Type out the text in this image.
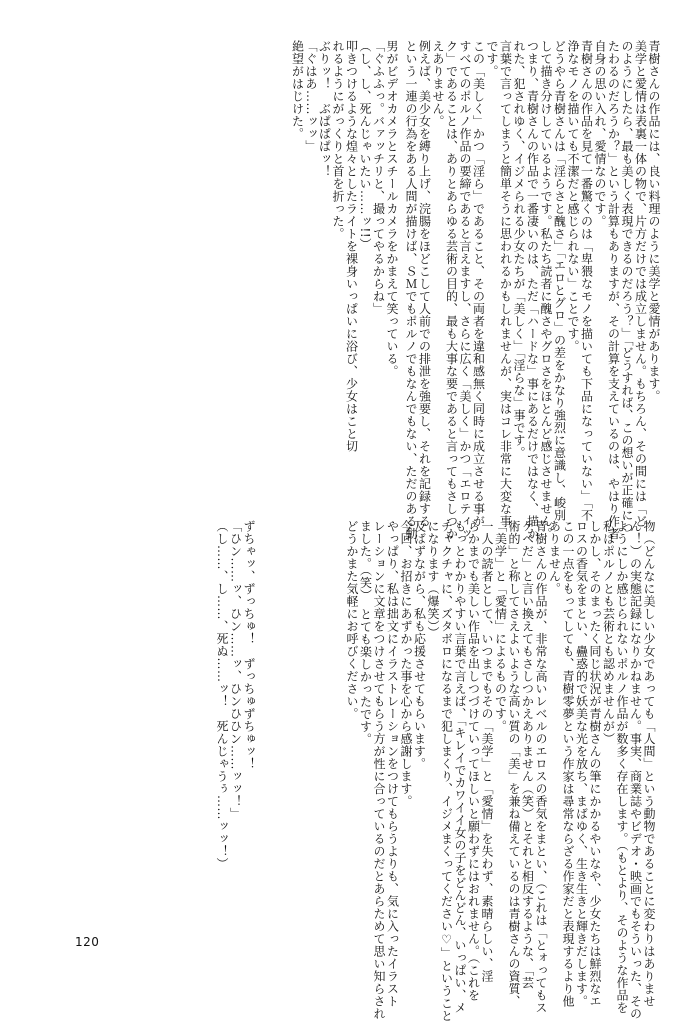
男がビデオカメラとスチールカメラをかまえて笑っている。
「ぐふふっ。バァッチリと、撮ってやるからね」
（し、し、死んじゃいたい……ッ!!）
叩きつけるような煌々としたライトを裸身いっぱいに浴び、少女はこと切
れるようにがっくりと首を折った。
ぶりッ！　ぶぱぱぱッ！
「ぐはあ……ッッ」
絶望がはじけた。	青樹さんの作品には、良い料理のように美学と愛情があります。
美学と愛情は表裏一体の物で、片方だけでは成立しません。もちろん、その間には「ど
のようにしたら、最も美しく表現できるのだろう？」「どうすれば、この想いが正確につ
たわるのだろうか？」という計算もありますが、その計算を支えているのは、やはり作者
自身の思い入れ、愛情なのです。
青樹さんの作品を見て一番驚くのは「卑猥なモノを描いても下品になっていない」「不
浄なモノを描いても不潔だと感じられない」ことです。
どうやら青樹さんは「淫らさと醜さ」「エロとグロ」の差をかなり強烈に意識し、峻別
して描き分けしているようです。私たち読者に醜さやグロさをほとんど感じさせません。
つまり、青樹さんの作品で一番凄いのは、ただ「ハードな」事にあるだけではなく、描か
れた、犯されゆく、イジメられる少女たちが「美しく」「淫らな」事です。
言葉で言ってしまうと簡単そうに思われるかもしれませんが、実はコレ非常に大変な事
です。
この「美しく」かつ「淫ら」であること、その両者を違和感無く同時に成立させる事が
すべてのポルノ作品の要締であると言えますし、さらに広く「美しく」かつ「エロティッ
ク」であることは、ありとあらゆる芸術の目的、最も大事な要であると言ってもさしつか
えありません。
例えば、美少女を縛り上げ、浣腸をほどこして人前での排泄を強要し、それを記録する
という一連の行為をある人間が描けば、ＳＭでもポルノでもなんでもない、ただのある動
物（どんなに美しい少女であっても「人間」という動物であることに変わりはありませ
ん！）の実態記録になりかねません。事実、商業誌やビデオ・映画でもそういった、その
ようにしか感じられないポルノ作品が数多く存在します。（もとより、そのような作品を
私はポルノとも芸術とも認めませんが）
しかし、そのまったく同じ状況が青樹さんの筆にかかるやいなや、少女たちは鮮烈なエ
ロスの香気をまとい、蠱惑的で妖美な光を放ち、まばゆく、生き生きと輝きだします。
この一点をもってしても、青樹零夢という作家は尋常ならざる作家だと表現するより他
ありません。
青樹さんの作品が、非常な高いレベルのエロスの香気をまとい、（これは「とォってもス
ケベだ」と言い換えてもさしつかえありません（笑）とそれと相反するような、「芸
術的」と称してさえよいような高い質の「美」を兼ね備えているのは青樹さんの資質、
「美学」と「愛情」によるものです。
一人の読者として、いつまでもその「美学」と「愛情」を失わず、素晴らしい、淫
らかまでも美しい作品を出しつづけていってほしいと願わずにはおれません。（これを
もっとわかりやすい言葉で言えば、「キレイでカワイイ女の子をどんどん、いっぱい、メ
チャクチャに、ズタボロになるまで犯しまくり、イジメまくってください♡」ということ
になります（爆笑））
及ばずながら、私も応援させてもらいます。
今回、お招きにあずかった事を心から感謝します。
やっぱり、私は拙文にイラストレーションをつけてもらうよりも、気に入ったイラスト
レーションに文章をつけさせてもらう方が性に合っているのだとあらためて思い知らされ
ました。（笑）　とても楽しかったです。
どうかまた気軽にお呼びください。
ずちゃッ、ずっちゅ！　ずっちゅずちゅッ！
「ひン……ッ、ひン……ッ、ひンひひン……ッッ！」
（し……、し……、死ぬ……ッ！　死んじゃうぅ……ッッ！）
120
